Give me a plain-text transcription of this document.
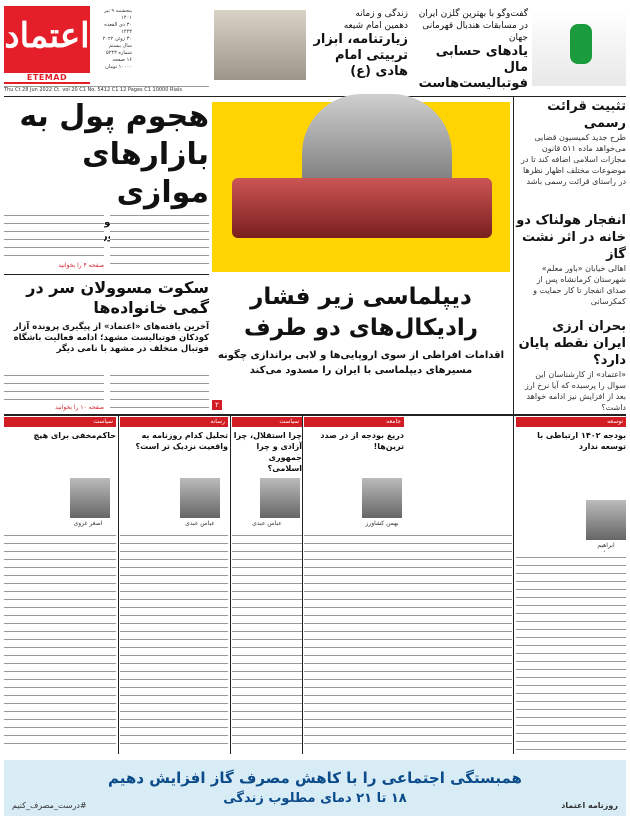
اعتماد
ETEMAD
پنجشنبه ۹ تیر ۱۴۰۱
۳۰ ذی القعده ۱۴۴۳
۳۰ ژوئن ۲۰۲۲
سال بیستم
شماره ۵۲۴۳
۱۶ صفحه
۱۰۰۰۰ تومان
Thu Ct 28 Jun 2022 Ct. vol 20 C1 No. 5412 C1 12 Pages C1 10000 Rials
زندگی و زمانه
دهمین امام شیعه
زیارتنامه، ابزار تربیتی امام هادی (ع)
گفت‌وگو با بهترین گلزن ایران
در مسابقات هندبال قهرمانی جهان
یادهای حسابی مال فوتبالیست‌هاست
هجوم پول به بازارهای موازی
کورد
صفحه ۴ را بخوانید
سکوت مسوولان سر در گمی خانواده‌ها
آخرین یافته‌های «اعتماد» از پیگیری پرونده آزار کودکان فوتبالیست مشهد؛ ادامه فعالیت باشگاه فوتبال متخلف در مشهد با نامی دیگر
صفحه ۱۰ را بخوانید
دیپلماسی زیر فشار رادیکال‌های دو طرف
اقدامات افراطی از سوی اروپایی‌ها و لابی براندازی چگونه مسیرهای دیپلماسی با ایران را مسدود می‌کند
۲
تثبیت قرائت رسمی

طرح جدید کمیسیون قضایی می‌خواهد ماده ۵۱۱ قانون مجازات اسلامی اضافه کند تا در موضوعات مختلف اظهار نظرها در راستای قرائت رسمی باشد

انفجار هولناک دو خانه در اثر نشت گاز

اهالی خیابان «باور معلم» شهرستان کرمانشاه پس از صدای انفجار تا کار حمایت و کمکرسانی

بحران ارزی ایران نقطه پایان دارد؟

«اعتماد» از کارشناسان این سوال را پرسیده که آیا نرخ ارز بعد از افزایش نیز ادامه خواهد داشت؟

توسعه
بودجه ۱۴۰۲ ارتباطی با توسعه ندارد
ابراهیم
جامعه
دریغ بودجه از در صدد ترین‌ها!
بهمن کشاورز
سیاست
چرا استقلال، چرا آزادی و چرا جمهوری اسلامی؟
عباس عبدی
رسانه
تحلیل کدام روزنامه به واقعیت نزدیک تر است؟
عباس عبدی
سیاست
حاکم‌مخفی برای هیچ
اصغر غروی
همبستگی اجتماعی را با کاهش مصرف گاز افزایش دهیم
۱۸ تا ۲۱ دمای مطلوب زندگی
#درست_مصرف_کنیم	روزنامه اعتماد
